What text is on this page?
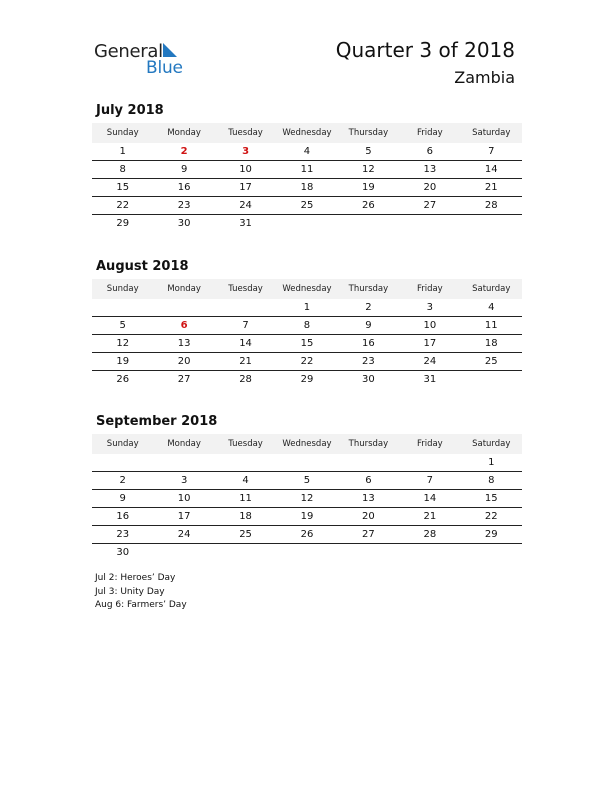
General
Blue
Quarter 3 of 2018
Zambia
July 2018
Sunday	Monday	Tuesday	Wednesday	Thursday	Friday	Saturday
1	2	3	4	5	6	7
8	9	10	11	12	13	14
15	16	17	18	19	20	21
22	23	24	25	26	27	28
29	30	31				
August 2018
Sunday	Monday	Tuesday	Wednesday	Thursday	Friday	Saturday
			1	2	3	4
5	6	7	8	9	10	11
12	13	14	15	16	17	18
19	20	21	22	23	24	25
26	27	28	29	30	31	
September 2018
Sunday	Monday	Tuesday	Wednesday	Thursday	Friday	Saturday
						1
2	3	4	5	6	7	8
9	10	11	12	13	14	15
16	17	18	19	20	21	22
23	24	25	26	27	28	29
30						
Jul 2: Heroes’ Day
Jul 3: Unity Day
Aug 6: Farmers’ Day
